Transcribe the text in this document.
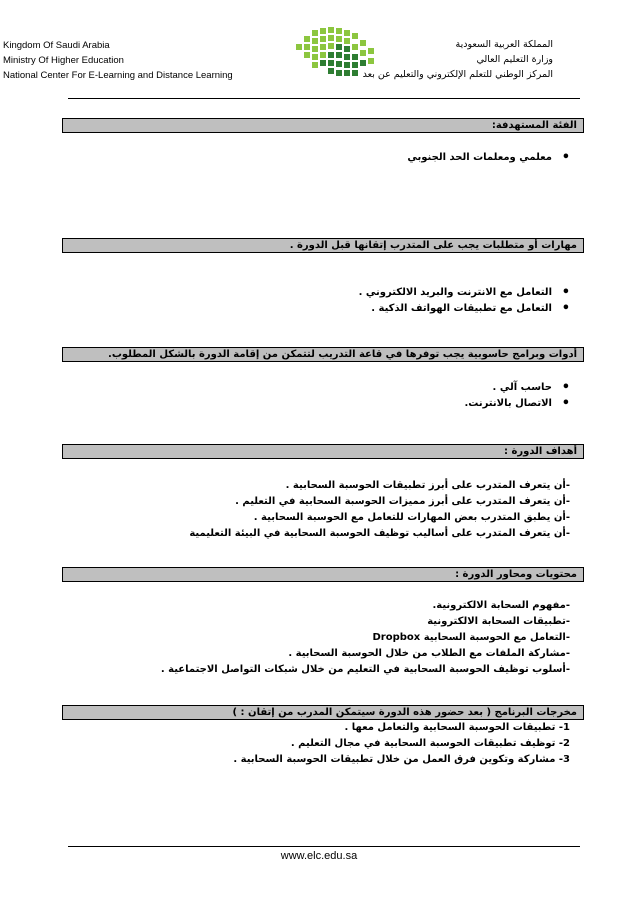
Kingdom Of Saudi Arabia
Ministry Of Higher Education
National Center For E-Learning and Distance Learning
المملكة العربية السعودية
وزارة التعليم العالي
المركز الوطني للتعلم الإلكتروني والتعليم عن بعد
الفئة المستهدفة:
• معلمي ومعلمات الحد الجنوبي
مهارات أو متطلبات يجب على المتدرب إتقانها قبل الدورة .
• التعامل مع الانترنت والبريد الالكتروني .
• التعامل مع تطبيقات الهواتف الذكية .
أدوات وبرامج حاسوبية يجب توفرها في قاعة التدريب لتتمكن من إقامة الدورة بالشكل المطلوب.
• حاسب آلي .
• الاتصال بالانترنت.
أهداف الدورة :
-أن يتعرف المتدرب على أبرز تطبيقات الحوسبة السحابية .
-أن يتعرف المتدرب على أبرز مميزات الحوسبة السحابية في التعليم .
-أن يطبق المتدرب بعض المهارات للتعامل مع الحوسبة السحابية .
-أن يتعرف المتدرب على أساليب توظيف الحوسبة السحابية في البيئة التعليمية
محتويات ومحاور الدورة :
-مفهوم السحابة الالكترونية.
-تطبيقات السحابة الالكترونية
-التعامل مع الحوسبة السحابية Dropbox
-مشاركة الملفات مع الطلاب من خلال الحوسبة السحابية .
-أسلوب توظيف الحوسبة السحابية في التعليم من خلال شبكات التواصل الاجتماعية .
مخرجات البرنامج ( بعد حضور هذه الدورة سيتمكن المدرب من إتقان : )
1- تطبيقات الحوسبة السحابية والتعامل معها .
2- توظيف تطبيقات الحوسبة السحابية في مجال التعليم .
3- مشاركة وتكوين فرق العمل من خلال تطبيقات الحوسبة السحابية .
www.elc.edu.sa
